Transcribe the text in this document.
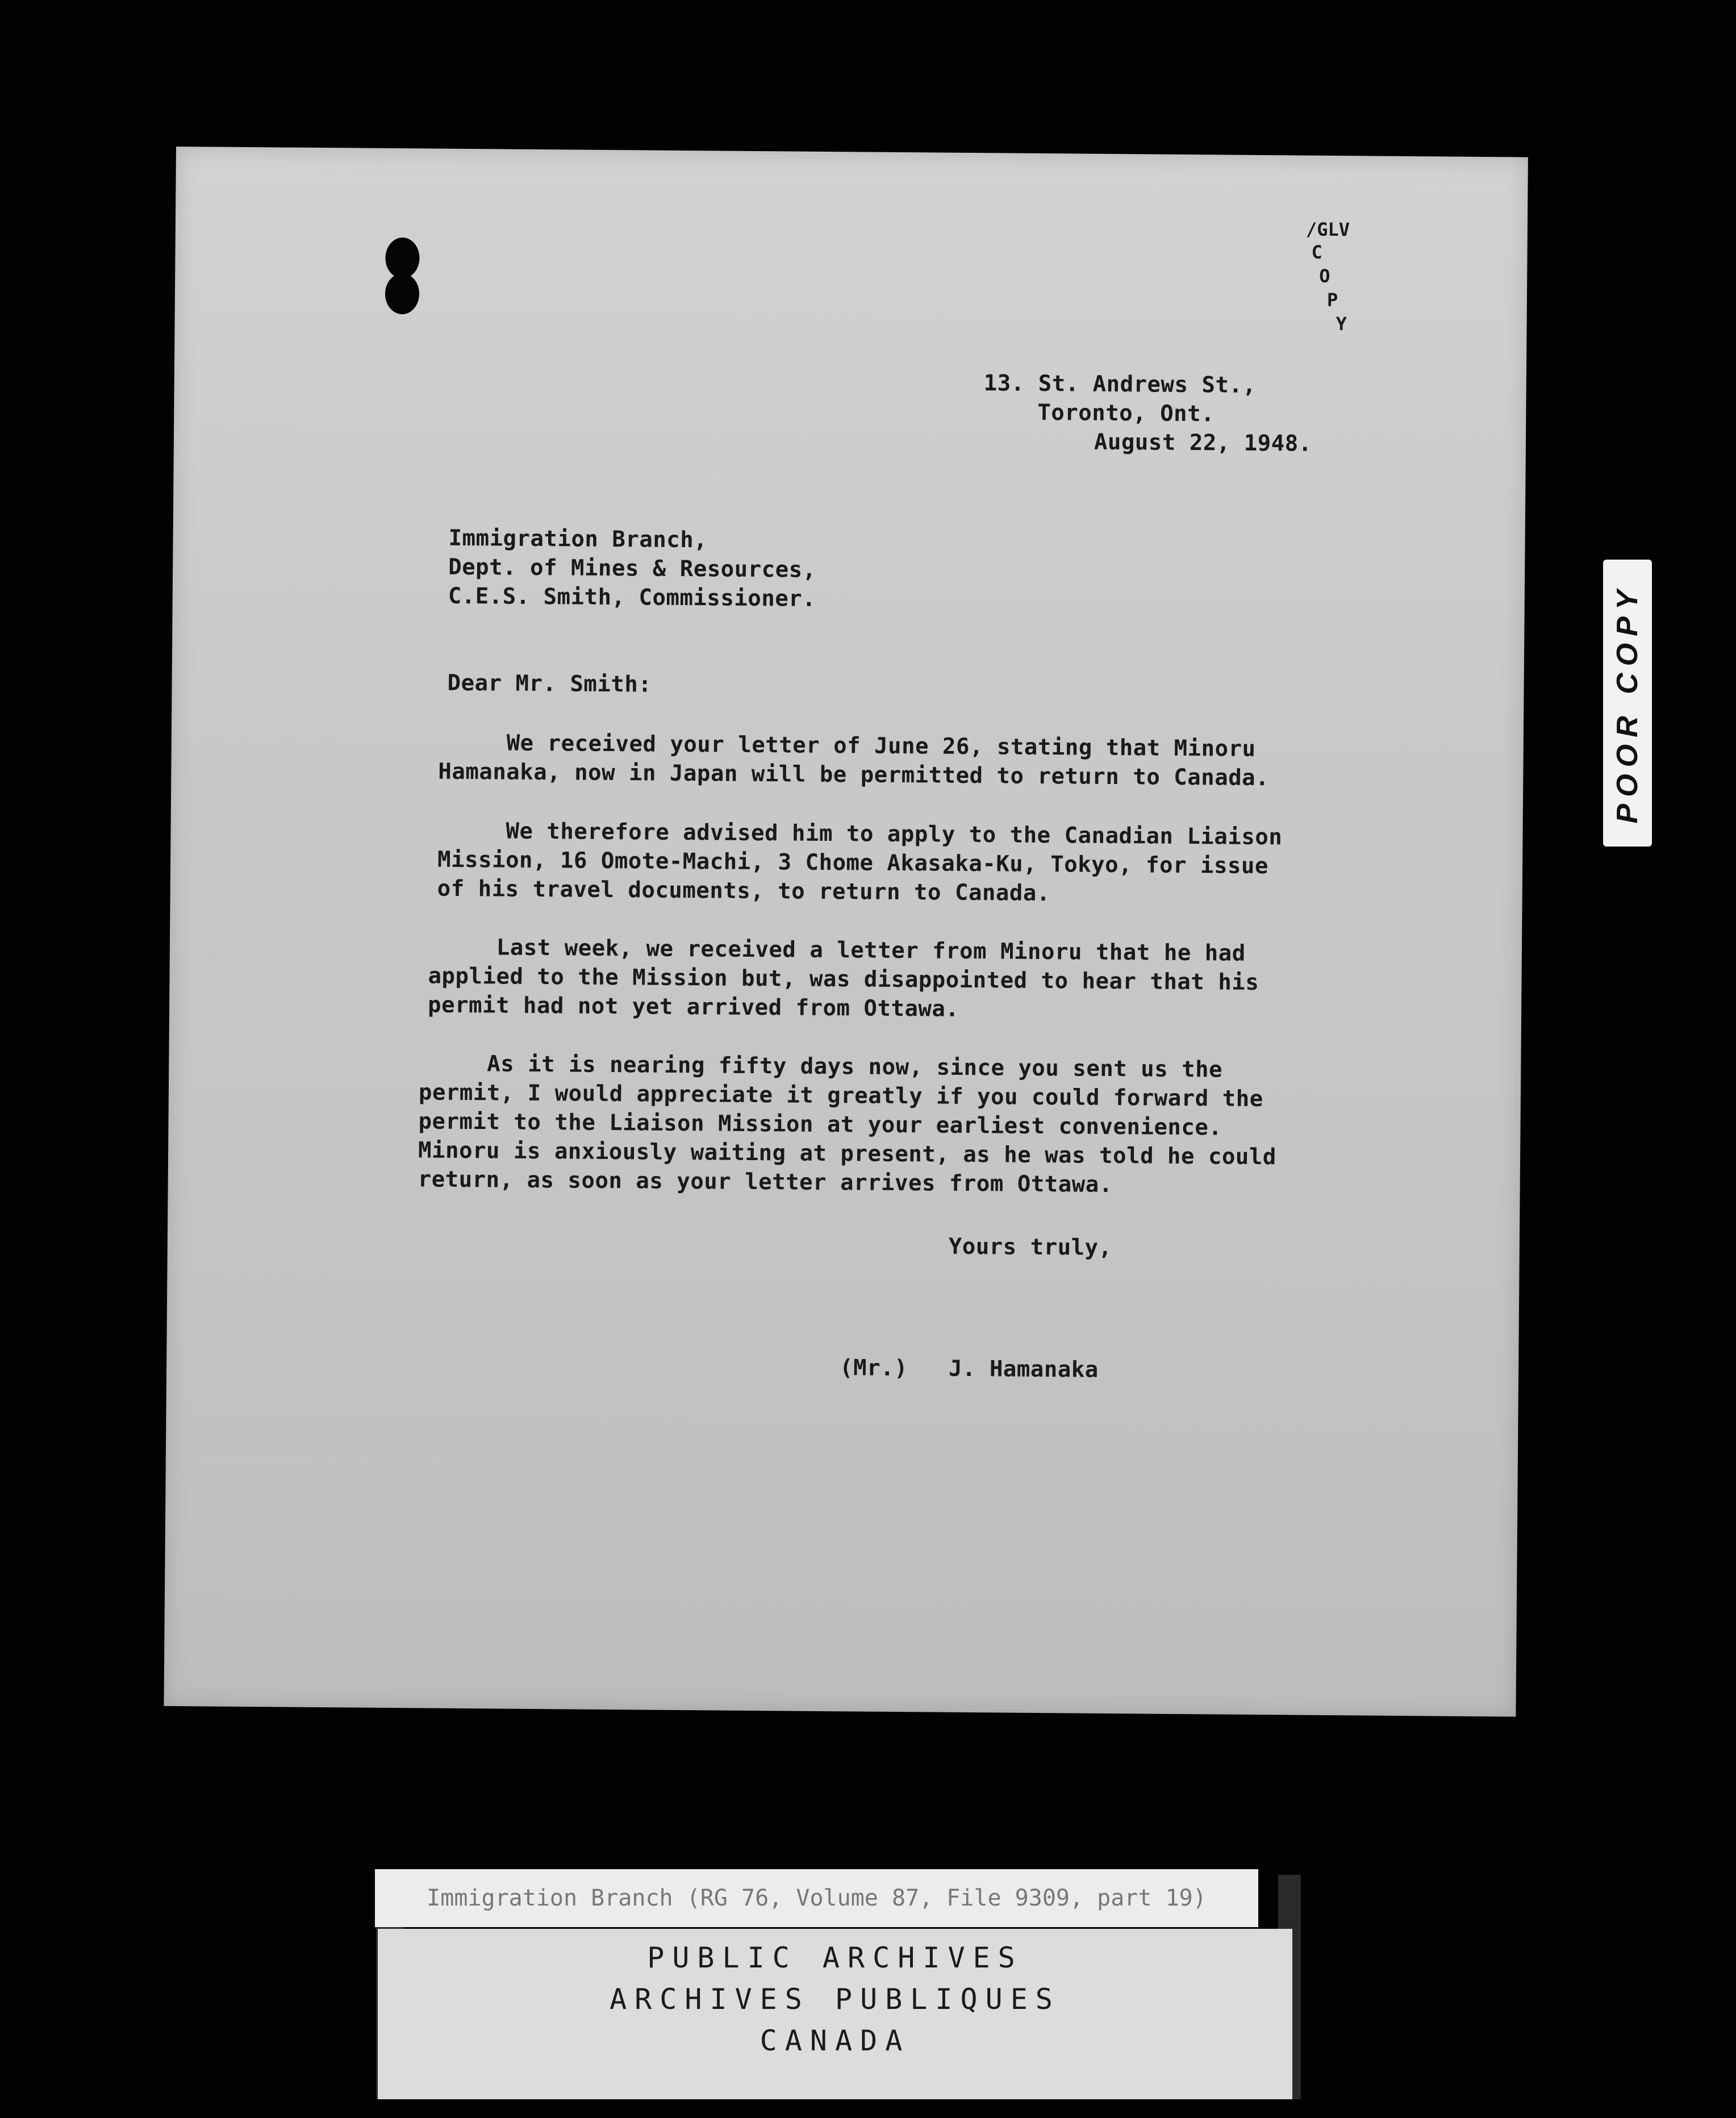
/GLV
C
O
P
Y
13. St. Andrews St.,
Toronto, Ont.
August 22, 1948.
Immigration Branch,
Dept. of Mines & Resources,
C.E.S. Smith, Commissioner.
Dear Mr. Smith:
We received your letter of June 26, stating that Minoru
Hamanaka, now in Japan will be permitted to return to Canada.
We therefore advised him to apply to the Canadian Liaison
Mission, 16 Omote-Machi, 3 Chome Akasaka-Ku, Tokyo, for issue
of his travel documents, to return to Canada.
Last week, we received a letter from Minoru that he had
applied to the Mission but, was disappointed to hear that his
permit had not yet arrived from Ottawa.
As it is nearing fifty days now, since you sent us the
permit, I would appreciate it greatly if you could forward the
permit to the Liaison Mission at your earliest convenience.
Minoru is anxiously waiting at present, as he was told he could
return, as soon as your letter arrives from Ottawa.
Yours truly,
(Mr.)   J. Hamanaka
POOR COPY
Immigration Branch (RG 76, Volume 87, File 9309, part 19)
PUBLIC ARCHIVES
ARCHIVES PUBLIQUES
CANADA
